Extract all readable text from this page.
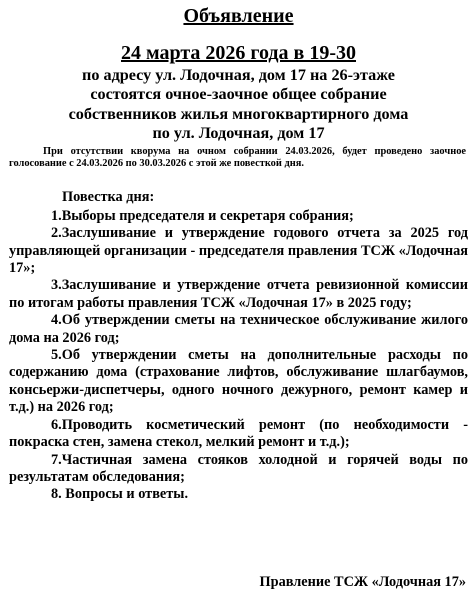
Объявление
24 марта 2026 года в 19-30
по адресу ул. Лодочная, дом 17 на 26-этаже
состоятся очное-заочное общее собрание
собственников жилья многоквартирного дома
по ул. Лодочная, дом 17

При отсутствии кворума на очном собрании 24.03.2026, будет проведено заочное голосование с 24.03.2026 по 30.03.2026 с этой же повесткой дня.

Повестка дня:
1.Выборы председателя и секретаря собрания;
2.Заслушивание и утверждение годового отчета за 2025 год управляющей организации - председателя правления ТСЖ «Лодочная 17»;
3.Заслушивание и утверждение отчета ревизионной комиссии по итогам работы правления ТСЖ «Лодочная 17» в 2025 году;
4.Об утверждении сметы на техническое обслуживание жилого дома на 2026 год;
5.Об утверждении сметы на дополнительные расходы по содержанию дома (страхование лифтов, обслуживание шлагбаумов, консьержи-диспетчеры, одного ночного дежурного, ремонт камер и т.д.) на 2026 год;
6.Проводить косметический ремонт (по необходимости - покраска стен, замена стекол, мелкий ремонт и т.д.);
7.Частичная замена стояков холодной и горячей воды по результатам обследования;
8. Вопросы и ответы.
Правление ТСЖ «Лодочная 17»
